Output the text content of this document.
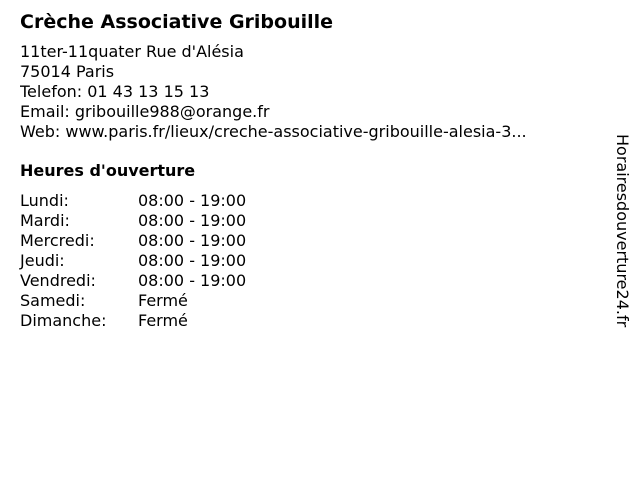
Crèche Associative Gribouille
11ter-11quater Rue d'Alésia
75014 Paris
Telefon: 01 43 13 15 13
Email: gribouille988@orange.fr
Web: www.paris.fr/lieux/creche-associative-gribouille-alesia-3...
Heures d'ouverture
Lundi:	08:00 - 19:00
Mardi:	08:00 - 19:00
Mercredi:	08:00 - 19:00
Jeudi:	08:00 - 19:00
Vendredi:	08:00 - 19:00
Samedi:	Fermé
Dimanche: Fermé	Horairesdouverture24.fr
